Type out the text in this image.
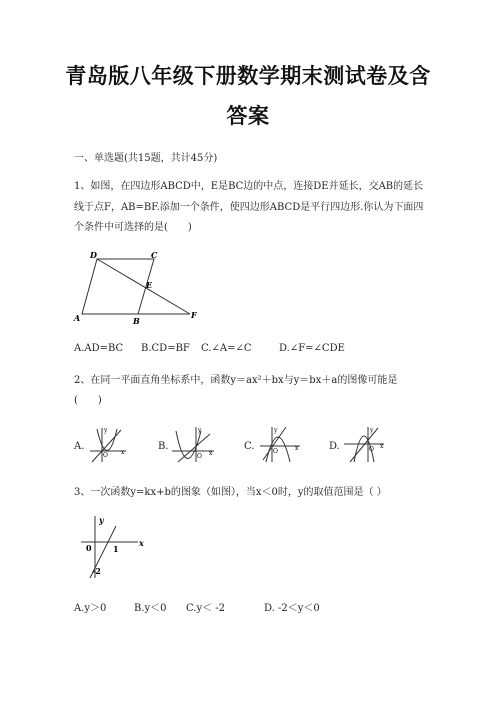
青岛版八年级下册数学期末测试卷及含
答案
一、单选题(共15题，共计45分)
1、如图，在四边形ABCD中，E是BC边的中点，连接DE并延长，交AB的延长
线于点F，AB=BF.添加一个条件，使四边形ABCD是平行四边形.你认为下面四
个条件中可选择的是(　　)
D	C
E
A	B
F
A.AD=BC B.CD=BF C.∠A=∠C	D.∠F=∠CDE
2、在同一平面直角坐标系中，函数y＝ax²＋bx与y＝bx＋a的图像可能是
(　　)
A.
y
x
O
B.
y
x
O
C.
y
x
O	D.
y
x
O
3、一次函数y=kx+b的图象（如图），当x＜0时，y的取值范围是（ ）
y
x
0	1
-2
A.y＞0	B.y＜0 C.y＜ -2	D. -2＜y＜0
